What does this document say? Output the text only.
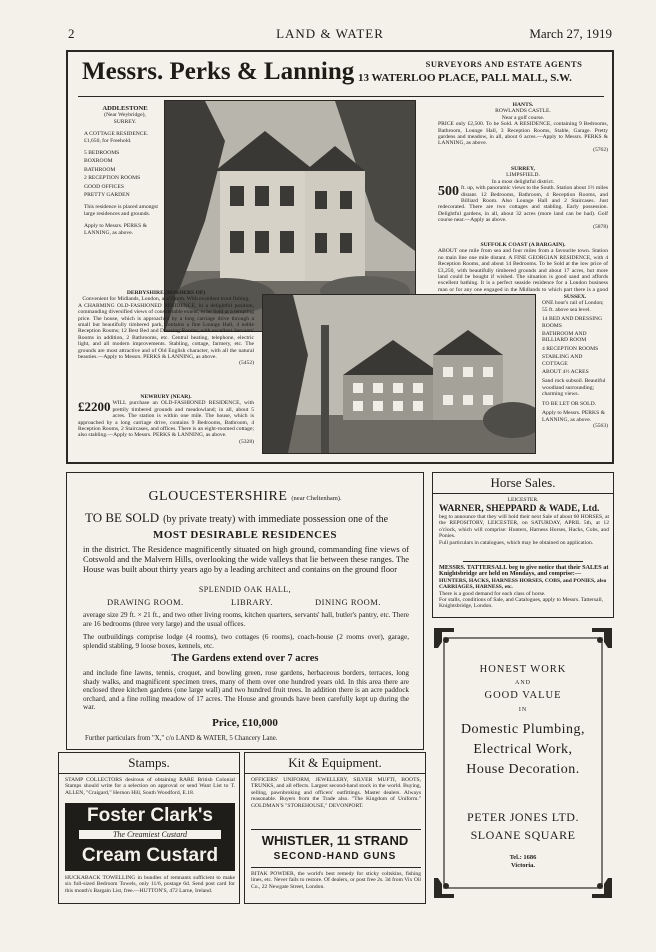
2	LAND & WATER	March 27, 1919
Messrs. Perks & Lanning	SURVEYORS AND ESTATE AGENTS
13 WATERLOO PLACE, PALL MALL, S.W.
ADDLESTONE
(Near Weybridge),
SURREY.
A COTTAGE RESIDENCE. £1,650, for Freehold.
5 BEDROOMS
BOXROOM
BATHROOM
2 RECEPTION ROOMS
GOOD OFFICES
PRETTY GARDEN
This residence is placed amongst large residences and grounds.
Apply to Messrs. PERKS & LANNING, as above.
HANTS.
ROWLANDS CASTLE.
Near a golf course.
PRICE only £2,500. To be Sold. A RESIDENCE, containing 9 Bedrooms, Bathroom, Lounge Hall, 3 Reception Rooms, Stable, Garage. Pretty gardens and meadow, in all, about 6 acres.—Apply to Messrs. PERKS & LANNING, as above.
(5762)
SURREY,
LIMPSFIELD.
In a most delightful district.
500 ft. up, with panoramic views to the South. Station about 1½ miles distant. 12 Bedrooms, Bathroom, 4 Reception Rooms, and Billiard Room. Also Lounge Hall and 2 Staircases. Just redecorated. There are two cottages and stabling. Early possession. Delightful gardens, in all, about 32 acres (more land can be had). Golf course near.—Apply as above.
(5878)
SUFFOLK COAST (A BARGAIN).
ABOUT one mile from sea and four miles from a favourite town. Station no main line one mile distant. A FINE GEORGIAN RESIDENCE, with 4 Reception Rooms, and about 14 Bedrooms. To be Sold at the low price of £3,250, with beautifully timbered grounds and about 17 acres, but more land could be bought if wished. The situation is good sand and affords excellent bathing. It is a perfect seaside residence for a London business man or for any one engaged in the Midlands to which part there is a good
DERBYSHIRE (BORDERS OF)
Convenient for Midlands, London, and North. With excellent trout fishing.
A CHARMING OLD-FASHIONED RESIDENCE, in a delightful position, commanding diversified views of considerable extent, to be Sold at a tempting price. The house, which is approached by a long carriage drive through a small but beautifully timbered park, contains a fine Lounge Hall, 4 noble Reception Rooms; 12 Best Bed and Dressing Rooms; with excellent Servants' Rooms in addition, 2 Bathrooms, etc. Central heating, telephone, electric light, and all modern improvements. Stabling, cottage, farmery, etc. The grounds are most attractive and of Old English character, with all the natural beauties.—Apply to Messrs. PERKS & LANNING, as above.
(5452)
NEWBURY (NEAR).
£2200 WILL purchase an OLD-FASHIONED RESIDENCE, with prettily timbered grounds and meadowland; in all, about 5 acres. The station is within one mile. The house, which is approached by a long carriage drive, contains 9 Bedrooms, Bathroom, 4 Reception Rooms, 2 Staircases, and offices. There is an eight-roomed cottage; also stabling.—Apply to Messrs. PERKS & LANNING, as above.
(5328)
SUSSEX.
ONE hour's rail of London; 55 ft. above sea level.
14 BED AND DRESSING ROOMS
BATHROOM AND BILLIARD ROOM
4 RECEPTION ROOMS
STABLING AND COTTAGE
ABOUT 4½ ACRES
Sand rock subsoil. Beautiful woodland surrounding; charming views.
TO BE LET OR SOLD.
Apply to Messrs. PERKS & LANNING, as above.
(5563)
GLOUCESTERSHIRE (near Cheltenham).
TO BE SOLD (by private treaty) with immediate possession one of the
MOST DESIRABLE RESIDENCES
in the district. The Residence magnificently situated on high ground, commanding fine views of Cotswold and the Malvern Hills, overlooking the wide valleys that lie between these ranges. The House was built about thirty years ago by a leading architect and contains on the ground floor
SPLENDID OAK HALL,
DRAWING ROOM.	LIBRARY.	DINING ROOM.
average size 29 ft. × 21 ft., and two other living rooms, kitchen quarters, servants' hall, butler's pantry, etc. There are 16 bedrooms (three very large) and the usual offices.
The outbuildings comprise lodge (4 rooms), two cottages (6 rooms), coach-house (2 rooms over), garage, splendid stabling, 9 loose boxes, kennels, etc.
The Gardens extend over 7 acres
and include fine lawns, tennis, croquet, and bowling green, rose gardens, herbaceous borders, terraces, long shady walks, and magnificent specimen trees, many of them over one hundred years old. In this area there are enclosed three kitchen gardens (one large wall) and two hundred fruit trees. In addition there is an acre paddock orchard, and a fine rolling meadow of 17 acres. The House and grounds have been carefully kept up during the war.
Price, £10,000
Further particulars from "X," c/o LAND & WATER, 5 Chancery Lane.
Horse Sales.
LEICESTER.
WARNER, SHEPPARD & WADE, Ltd.
beg to announce that they will hold their next Sale of about 60 HORSES, at the REPOSITORY, LEICESTER, on SATURDAY, APRIL 5th, at 12 o'clock, which will comprise: Hunters, Harness Horses, Hacks, Cobs, and Ponies.
Full particulars in catalogues, which may be obtained on application.
MESSRS. TATTERSALL beg to give notice that their SALES at Knightsbridge are held on Mondays, and comprise:—
HUNTERS, HACKS, HARNESS HORSES, COBS, and PONIES, also CARRIAGES, HARNESS, etc.
There is a good demand for each class of horse.
For stalls, conditions of Sale, and Catalogues, apply to Messrs. Tattersall, Knightsbridge, London.
HONEST WORK
AND
GOOD VALUE
IN
Domestic Plumbing,
Electrical Work,
House Decoration.
PETER JONES LTD.
SLOANE SQUARE
Tel.: 1686
Victoria.
Stamps.
STAMP COLLECTORS desirous of obtaining RARE British Colonial Stamps should write for a selection on approval or send Want List to T. ALLEN, "Craigard," Hernon Hill, South Woodford, E.18.
Foster Clark's
The Creamiest Custard
Cream Custard
HUCKABACK TOWELLING in bundles of remnants sufficient to make six full-sized Bedroom Towels, only 11/6, postage 6d. Send post card for this month's Bargain List, free.—HUTTON'S, 472 Larne, Ireland.
Kit & Equipment.
OFFICERS' UNIFORM, JEWELLERY, SILVER MUFTI, BOOTS, TRUNKS, and all effects. Largest second-hand stock in the world. Buying, selling, pawnbroking and officers' outfittings. Master dealers. Always reasonable. Buyers from the Trade also. "The Kingdom of Uniform." GOLDMAN'S "STOREHOUSE," DEVONPORT.
WHISTLER, 11 STRAND
SECOND-HAND GUNS
BITAK POWDER, the world's best remedy for sticky coltskins, fishing lines, etc. Never fails to restore. Of dealers, or post free 2s. 3d from Vix Oil Co., 22 Newgate Street, London.
